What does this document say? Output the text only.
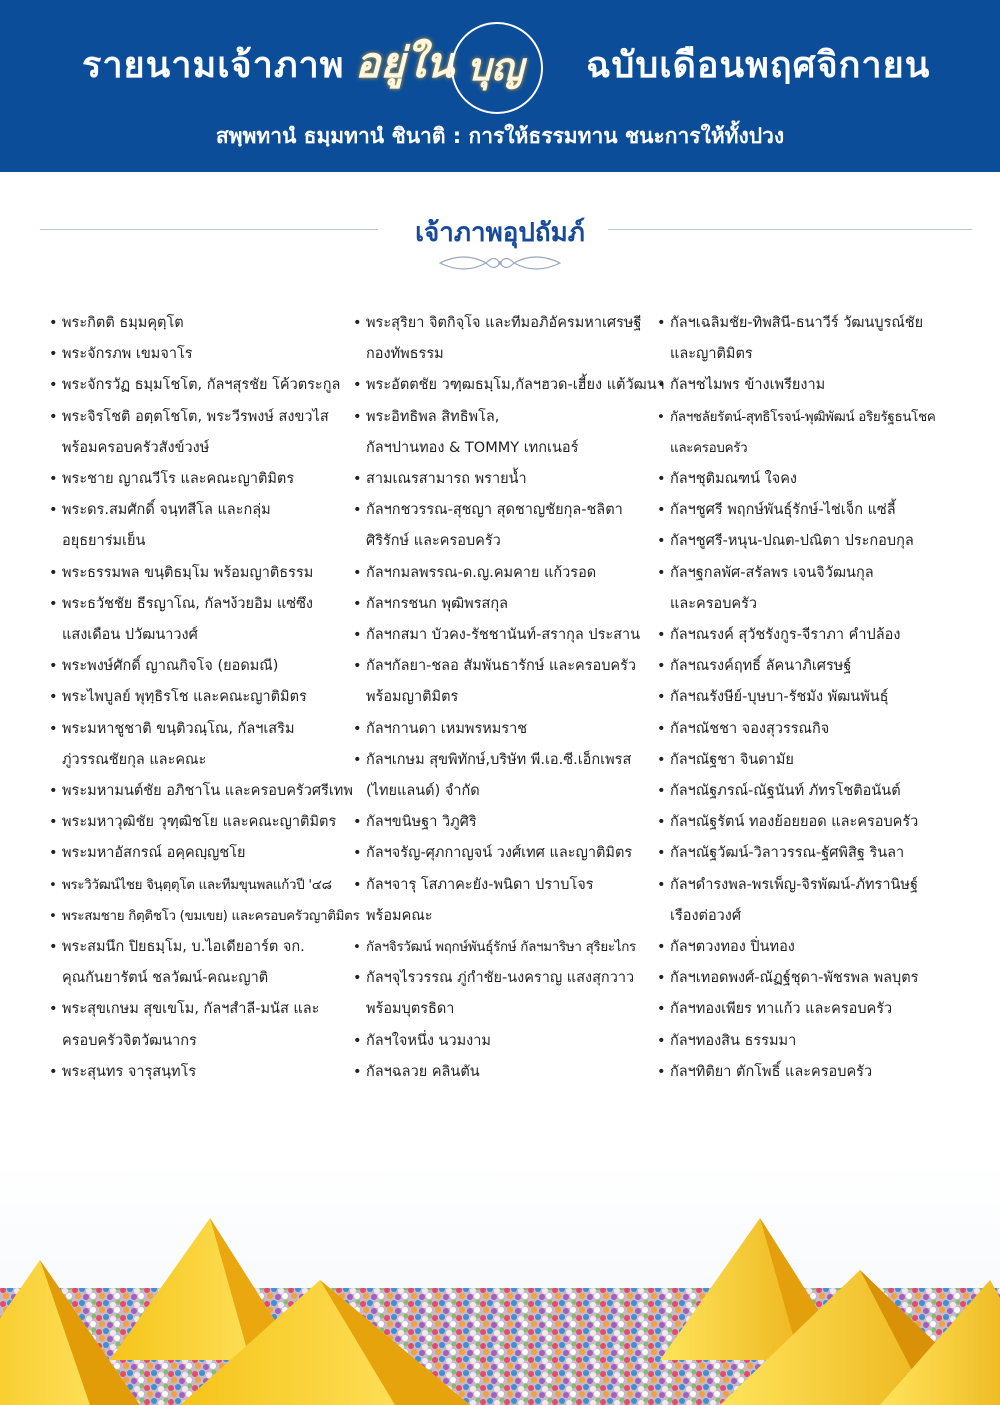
รายนามเจ้าภาพ อยู่ใน บุญ ฉบับเดือนพฤศจิกายน
สพฺพทานํ ธมฺมทานํ ชินาติ : การให้ธรรมทาน ชนะการให้ทั้งปวง
เจ้าภาพอุปถัมภ์
• พระกิตติ ธมฺมคุตฺโต
• พระจักรภพ เขมจาโร
• พระจักรวัฏ ธมฺมโชโต, กัลฯสุรชัย โค้วตระกูล
• พระจิรโชติ อตฺตโชโต, พระวีรพงษ์ สงขวไส
พร้อมครอบครัวสังข์วงษ์
• พระชาย ญาณวีโร และคณะญาติมิตร
• พระดร.สมศักดิ์ จนฺทสีโล และกลุ่ม
อยุธยาร่มเย็น
• พระธรรมพล ขนฺติธมฺโม พร้อมญาติธรรม
• พระธวัชชัย ธีรญาโณ, กัลฯง้วยอิม แซ่ซึง
แสงเดือน ปวัฒนาวงศ์
• พระพงษ์ศักดิ์ ญาณกิจโจ (ยอดมณี)
• พระไพบูลย์ พุทฺธิรโช และคณะญาติมิตร
• พระมหาชูชาติ ขนฺติวณฺโณ, กัลฯเสริม
ภู่วรรณชัยกุล และคณะ
• พระมหามนต์ชัย อภิชาโน และครอบครัวศรีเทพ
• พระมหาวุฒิชัย วุฑฺฒิชโย และคณะญาติมิตร
• พระมหาอัสกรณ์ อคฺคญฺญชโย
• พระวิวัฒน์ไชย จินฺตฺตุโต และทีมขุนพลแก้วปี '๔๘
• พระสมชาย กิตฺติชโว (ขมเขย) และครอบครัวญาติมิตร
• พระสมนึก ปิยธมฺโม, บ.ไอเดียอาร์ต จก.
คุณกันยารัตน์ ชลวัฒน์-คณะญาติ
• พระสุขเกษม สุขเขโม, กัลฯสำลี-มนัส และ
ครอบครัวจิตวัฒนากร
• พระสุนทร จารุสนฺทโร
• พระสุริยา จิตกิจฺโจ และทีมอภิอัครมหาเศรษฐี
กองทัพธรรม
• พระอัตตชัย วฑฺฒธมฺโม,กัลฯฮวด-เฮี้ยง แต้วัฒนา
• พระอิทธิพล สิทธิพโล,
กัลฯปานทอง & TOMMY เทกเนอร์
• สามเณรสามารถ พรายน้ำ
• กัลฯกชวรรณ-สุชญา สุดชาญชัยกุล-ชลิตา
ศิริรักษ์ และครอบครัว
• กัลฯกมลพรรณ-ด.ญ.คมคาย แก้วรอด
• กัลฯกรชนก พุฒิพรสกุล
• กัลฯกสมา บัวคง-รัชชานันท์-สรากุล ประสาน
• กัลฯกัลยา-ชลอ สัมพันธารักษ์ และครอบครัว
พร้อมญาติมิตร
• กัลฯกานดา เหมพรหมราช
• กัลฯเกษม สุขพิทักษ์,บริษัท พี.เอ.ซี.เอ็กเพรส
(ไทยแลนด์) จำกัด
• กัลฯขนิษฐา วิภูศิริ
• กัลฯจรัญ-ศุภกาญจน์ วงศ์เทศ และญาติมิตร
• กัลฯจารุ โสภาคะยัง-พนิดา ปราบโจร
พร้อมคณะ
• กัลฯจิรวัฒน์ พฤกษ์พันธุ์รักษ์ กัลฯมาริษา สุริยะไกร
• กัลฯจุไรวรรณ ภู่กำชัย-นงคราญ แสงสุกวาว
พร้อมบุตรธิดา
• กัลฯใจหนึ่ง นวมงาม
• กัลฯฉลวย คลินตัน
• กัลฯเฉลิมชัย-ทิพสินี-ธนาวีร์ วัฒนบูรณ์ชัย
และญาติมิตร
• กัลฯชไมพร ข้างเพรียงาม
• กัลฯชลัยรัตน์-สุทธิโรจน์-พุฒิพัฒน์ อริยรัฐธนโชค
และครอบครัว
• กัลฯชุติมณฑน์ ใจคง
• กัลฯชูศรี พฤกษ์พันธุ์รักษ์-ไช่เจ็ก แซ่ลี้
• กัลฯชูศรี-หนุน-ปณต-ปณิตา ประกอบกุล
• กัลฯฐกลพัศ-สรัลพร เจนจิวัฒนกุล
และครอบครัว
• กัลฯณรงค์ สุวัชรังกูร-จีราภา คำปล้อง
• กัลฯณรงค์ฤทธิ์ ลัคนาภิเศรษฐ์
• กัลฯณรังษีย์-บุษบา-รัชมัง พัฒนพันธุ์
• กัลฯณัชชา จองสุวรรณกิจ
• กัลฯณัฐชา จินดามัย
• กัลฯณัฐภรณ์-ณัฐนันท์ ภัทรโชติอนันต์
• กัลฯณัฐรัตน์ ทองย้อยยอด และครอบครัว
• กัลฯณัฐวัฒน์-วิลาวรรณ-ฐัศพิสิฐ รินลา
• กัลฯดำรงพล-พรเพ็ญ-จิรพัฒน์-ภัทรานิษฐ์
เรืองต่อวงศ์
• กัลฯตวงทอง ปิ่นทอง
• กัลฯเทอดพงศ์-ณัฏฐ์ชุดา-พัชรพล พลบุตร
• กัลฯทองเพียร ทาแก้ว และครอบครัว
• กัลฯทองสิน ธรรมมา
• กัลฯทิติยา ตักโพธิ์ และครอบครัว
